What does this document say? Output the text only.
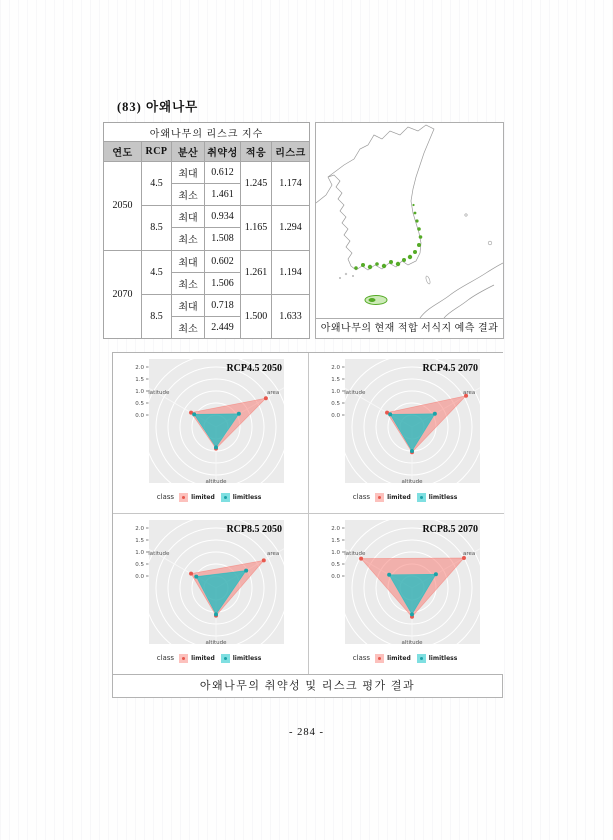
(83) 아왜나무
아왜나무의 리스크 지수					
연도	RCP	분산	취약성	적응	리스크
2050	4.5	최대	0.612	1.245	1.174
		최소	1.461		
	8.5	최대	0.934	1.165	1.294
		최소	1.508		
2070	4.5	최대	0.602	1.261	1.194
		최소	1.506		
	8.5	최대	0.718	1.500	1.633
		최소	2.449			아왜나무의 현재 적합 서식지 예측 결과
0.0
0.5
1.0
1.5
2.0
latitude	area
altitude
RCP4.5 2050
class	limited	limitless
0.0
0.5
1.0
1.5
2.0
latitude	area
altitude
RCP4.5 2070
class	limited	limitless
0.0
0.5
1.0
1.5
2.0
latitude	area
altitude
RCP8.5 2050
class	limited	limitless
0.0
0.5
1.0
1.5
2.0
latitude	area
altitude
RCP8.5 2070
class	limited	limitless
아왜나무의 취약성 및 리스크 평가 결과
- 284 -
